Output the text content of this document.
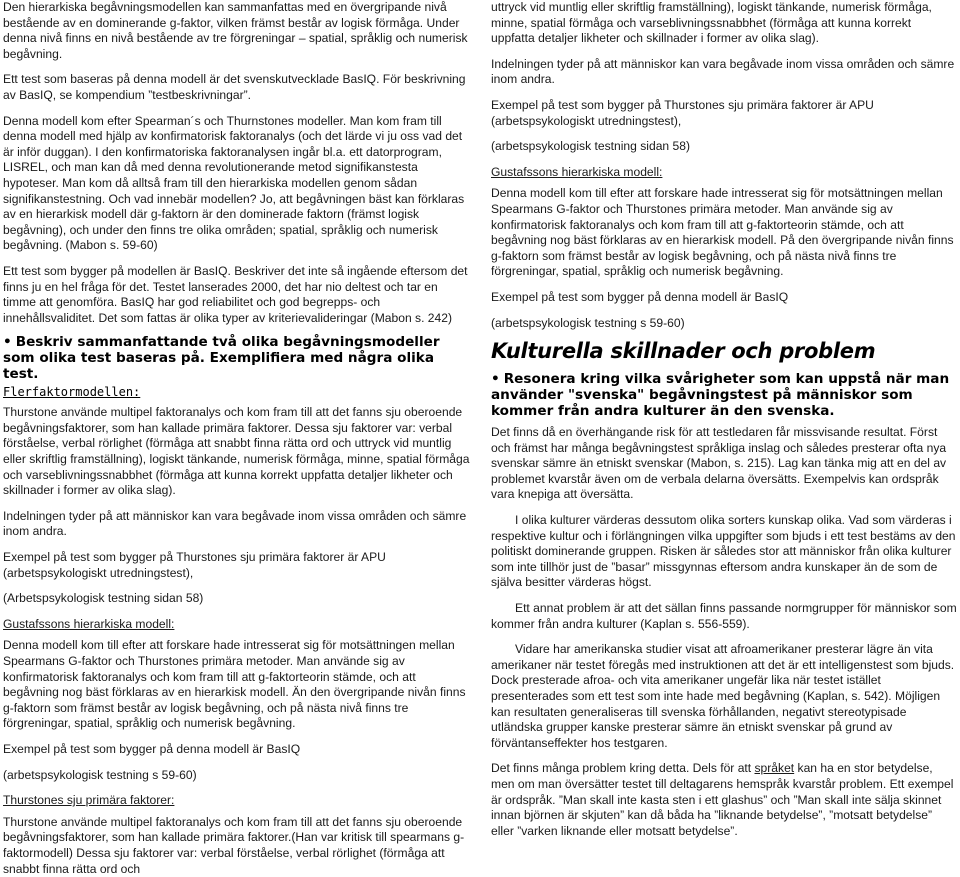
Den hierarkiska begåvningsmodellen kan sammanfattas med en övergripande nivå bestående av en dominerande g-faktor, vilken främst består av logisk förmåga. Under denna nivå finns en nivå bestående av tre förgreningar – spatial, språklig och numerisk begåvning.

Ett test som baseras på denna modell är det svenskutvecklade BasIQ. För beskrivning av BasIQ, se kompendium ”testbeskrivningar”.

Denna modell kom efter Spearman´s och Thurnstones modeller. Man kom fram till denna modell med hjälp av konfirmatorisk faktoranalys (och det lärde vi ju oss vad det är inför duggan). I den konfirmatoriska faktoranalysen ingår bl.a. ett datorprogram, LISREL, och man kan då med denna revolutionerande metod signifikanstesta hypoteser. Man kom då alltså fram till den hierarkiska modellen genom sådan signifikanstestning. Och vad innebär modellen? Jo, att begåvningen bäst kan förklaras av en hierarkisk modell där g-faktorn är den dominerade faktorn (främst logisk begåvning), och under den finns tre olika områden; spatial, språklig och numerisk begåvning. (Mabon s. 59-60)

Ett test som bygger på modellen är BasIQ. Beskriver det inte så ingående eftersom det finns ju en hel fråga för det. Testet lanserades 2000, det har nio deltest och tar en timme att genomföra. BasIQ har god reliabilitet och god begrepps- och innehållsvaliditet. Det som fattas är olika typer av kriterievalideringar (Mabon s. 242)

• Beskriv sammanfattande två olika begåvningsmodeller som olika test baseras på. Exemplifiera med några olika test.
Flerfaktormodellen:

Thurstone använde multipel faktoranalys och kom fram till att det fanns sju oberoende begåvningsfaktorer, som han kallade primära faktorer. Dessa sju faktorer var: verbal förståelse, verbal rörlighet (förmåga att snabbt finna rätta ord och uttryck vid muntlig eller skriftlig framställning), logiskt tänkande, numerisk förmåga, minne, spatial förmåga och varseblivningssnabbhet (förmåga att kunna korrekt uppfatta detaljer likheter och skillnader i former av olika slag).

Indelningen tyder på att människor kan vara begåvade inom vissa områden och sämre inom andra.

Exempel på test som bygger på Thurstones sju primära faktorer är APU (arbetspsykologiskt utredningstest),

(Arbetspsykologisk testning sidan 58)

Gustafssons hierarkiska modell:

Denna modell kom till efter att forskare hade intresserat sig för motsättningen mellan Spearmans G-faktor och Thurstones primära metoder. Man använde sig av konfirmatorisk faktoranalys och kom fram till att g-faktorteorin stämde, och att begåvning nog bäst förklaras av en hierarkisk modell. Än den övergripande nivån finns g-faktorn som främst består av logisk begåvning, och på nästa nivå finns tre förgreningar, spatial, språklig och numerisk begåvning.

Exempel på test som bygger på denna modell är BasIQ

(arbetspsykologisk testning s 59-60)

Thurstones sju primära faktorer:

Thurstone använde multipel faktoranalys och kom fram till att det fanns sju oberoende begåvningsfaktorer, som han kallade primära faktorer.(Han var kritisk till spearmans g-faktormodell) Dessa sju faktorer var: verbal förståelse, verbal rörlighet (förmåga att snabbt finna rätta ord och

uttryck vid muntlig eller skriftlig framställning), logiskt tänkande, numerisk förmåga, minne, spatial förmåga och varseblivningssnabbhet (förmåga att kunna korrekt uppfatta detaljer likheter och skillnader i former av olika slag).

Indelningen tyder på att människor kan vara begåvade inom vissa områden och sämre inom andra.

Exempel på test som bygger på Thurstones sju primära faktorer är APU (arbetspsykologiskt utredningstest),

(arbetspsykologisk testning sidan 58)

Gustafssons hierarkiska modell:

Denna modell kom till efter att forskare hade intresserat sig för motsättningen mellan Spearmans G-faktor och Thurstones primära metoder. Man använde sig av konfirmatorisk faktoranalys och kom fram till att g-faktorteorin stämde, och att begåvning nog bäst förklaras av en hierarkisk modell. På den övergripande nivån finns g-faktorn som främst består av logisk begåvning, och på nästa nivå finns tre förgreningar, spatial, språklig och numerisk begåvning.

Exempel på test som bygger på denna modell är BasIQ

(arbetspsykologisk testning s 59-60)

Kulturella skillnader och problem
• Resonera kring vilka svårigheter som kan uppstå när man använder "svenska" begåvningstest på människor som kommer från andra kulturer än den svenska.

Det finns då en överhängande risk för att testledaren får missvisande resultat. Först och främst har många begåvningstest språkliga inslag och således presterar ofta nya svenskar sämre än etniskt svenskar (Mabon, s. 215). Lag kan tänka mig att en del av problemet kvarstår även om de verbala delarna översätts. Exempelvis kan ordspråk vara knepiga att översätta.

I olika kulturer värderas dessutom olika sorters kunskap olika. Vad som värderas i respektive kultur och i förlängningen vilka uppgifter som bjuds i ett test bestäms av den politiskt dominerande gruppen. Risken är således stor att människor från olika kulturer som inte tillhör just de ”basar” missgynnas eftersom andra kunskaper än de som de själva besitter värderas högst.

Ett annat problem är att det sällan finns passande normgrupper för människor som kommer från andra kulturer (Kaplan s. 556-559).

Vidare har amerikanska studier visat att afroamerikaner presterar lägre än vita amerikaner när testet föregås med instruktionen att det är ett intelligenstest som bjuds. Dock presterade afroa- och vita amerikaner ungefär lika när testet istället presenterades som ett test som inte hade med begåvning (Kaplan, s. 542). Möjligen kan resultaten generaliseras till svenska förhållanden, negativt stereotypisade utländska grupper kanske presterar sämre än etniskt svenskar på grund av förväntanseffekter hos testgaren.

Det finns många problem kring detta. Dels för att språket kan ha en stor betydelse, men om man översätter testet till deltagarens hemspråk kvarstår problem. Ett exempel är ordspråk. ”Man skall inte kasta sten i ett glashus” och ”Man skall inte sälja skinnet innan björnen är skjuten” kan då båda ha ”liknande betydelse”, ”motsatt betydelse” eller ”varken liknande eller motsatt betydelse”.
